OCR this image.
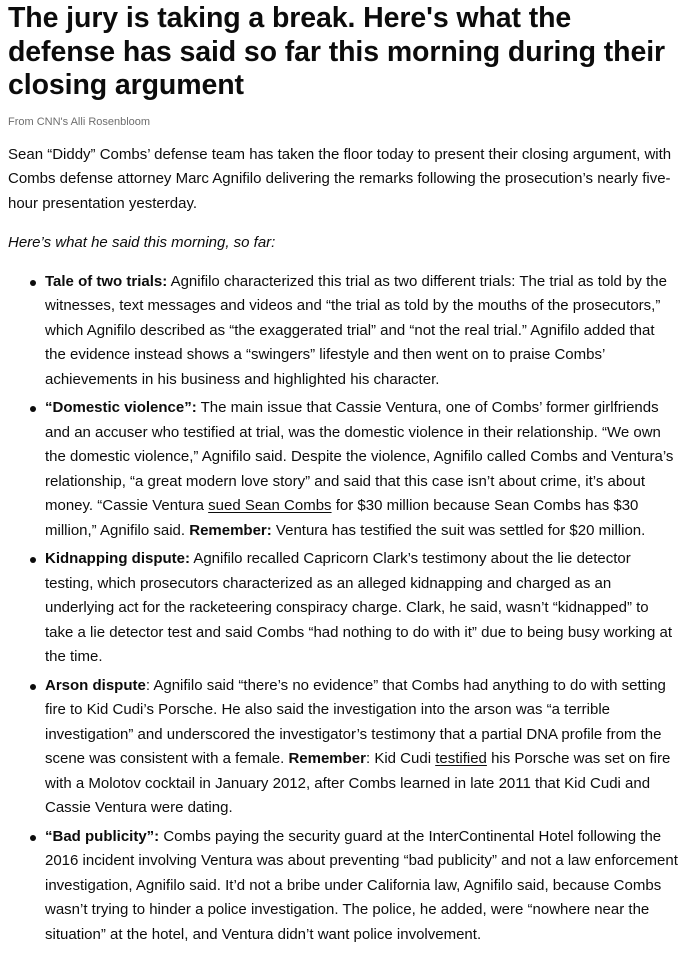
The jury is taking a break. Here's what the defense has said so far this morning during their closing argument
From CNN's Alli Rosenbloom

Sean “Diddy” Combs’ defense team has taken the floor today to present their closing argument, with Combs defense attorney Marc Agnifilo delivering the remarks following the prosecution’s nearly five-hour presentation yesterday.

Here’s what he said this morning, so far:

Tale of two trials: Agnifilo characterized this trial as two different trials: The trial as told by the witnesses, text messages and videos and “the trial as told by the mouths of the prosecutors,” which Agnifilo described as “the exaggerated trial” and “not the real trial.” Agnifilo added that the evidence instead shows a “swingers” lifestyle and then went on to praise Combs’ achievements in his business and highlighted his character.
“Domestic violence”: The main issue that Cassie Ventura, one of Combs’ former girlfriends and an accuser who testified at trial, was the domestic violence in their relationship. “We own the domestic violence,” Agnifilo said. Despite the violence, Agnifilo called Combs and Ventura’s relationship, “a great modern love story” and said that this case isn’t about crime, it’s about money. “Cassie Ventura sued Sean Combs for $30 million because Sean Combs has $30 million,” Agnifilo said. Remember: Ventura has testified the suit was settled for $20 million.
Kidnapping dispute: Agnifilo recalled Capricorn Clark’s testimony about the lie detector testing, which prosecutors characterized as an alleged kidnapping and charged as an underlying act for the racketeering conspiracy charge. Clark, he said, wasn’t “kidnapped” to take a lie detector test and said Combs “had nothing to do with it” due to being busy working at the time.
Arson dispute: Agnifilo said “there’s no evidence” that Combs had anything to do with setting fire to Kid Cudi’s Porsche. He also said the investigation into the arson was “a terrible investigation” and underscored the investigator’s testimony that a partial DNA profile from the scene was consistent with a female. Remember: Kid Cudi testified his Porsche was set on fire with a Molotov cocktail in January 2012, after Combs learned in late 2011 that Kid Cudi and Cassie Ventura were dating.
“Bad publicity”: Combs paying the security guard at the InterContinental Hotel following the 2016 incident involving Ventura was about preventing “bad publicity” and not a law enforcement investigation, Agnifilo said. It’d not a bribe under California law, Agnifilo said, because Combs wasn’t trying to hinder a police investigation. The police, he added, were “nowhere near the situation” at the hotel, and Ventura didn’t want police involvement.
